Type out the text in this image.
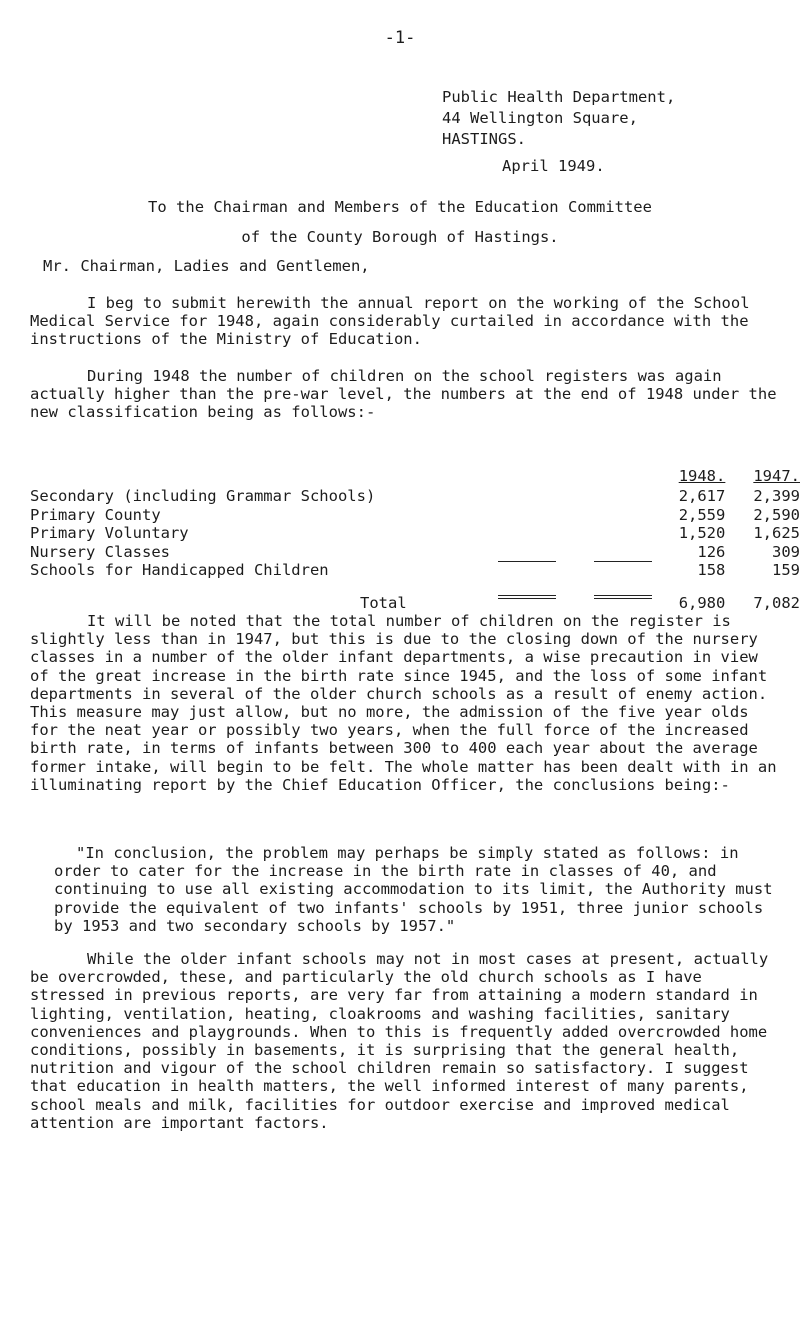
-1-
Public Health Department,
44 Wellington Square,
HASTINGS.
April 1949.
To the Chairman and Members of the Education Committee
of the County Borough of Hastings.
Mr. Chairman, Ladies and Gentlemen,

I beg to submit herewith the annual report on the working of the School Medical Service for 1948, again considerably curtailed in accordance with the instructions of the Ministry of Education.

During 1948 the number of children on the school registers was again actually higher than the pre-war level, the numbers at the end of 1948 under the new classification being as follows:-

	1948.	1947.
Secondary (including Grammar Schools)	2,617	2,399
Primary County	2,559	2,590
Primary Voluntary	1,520	1,625
Nursery Classes	126	309
Schools for Handicapped Children	158	159
Total	6,980	7,082

It will be noted that the total number of children on the register is slightly less than in 1947, but this is due to the closing down of the nursery classes in a number of the older infant departments, a wise precaution in view of the great increase in the birth rate since 1945, and the loss of some infant departments in several of the older church schools as a result of enemy action. This measure may just allow, but no more, the admission of the five year olds for the neat year or possibly two years, when the full force of the increased birth rate, in terms of infants between 300 to 400 each year about the average former intake, will begin to be felt. The whole matter has been dealt with in an illuminating report by the Chief Education Officer, the conclusions being:-

"In conclusion, the problem may perhaps be simply stated as follows: in order to cater for the increase in the birth rate in classes of 40, and continuing to use all existing accommodation to its limit, the Authority must provide the equivalent of two infants' schools by 1951, three junior schools by 1953 and two secondary schools by 1957."

While the older infant schools may not in most cases at present, actually be overcrowded, these, and particularly the old church schools as I have stressed in previous reports, are very far from attaining a modern standard in lighting, ventilation, heating, cloakrooms and washing facilities, sanitary conveniences and playgrounds. When to this is frequently added overcrowded home conditions, possibly in basements, it is surprising that the general health, nutrition and vigour of the school children remain so satisfactory. I suggest that education in health matters, the well informed interest of many parents, school meals and milk, facilities for outdoor exercise and improved medical attention are important factors.
